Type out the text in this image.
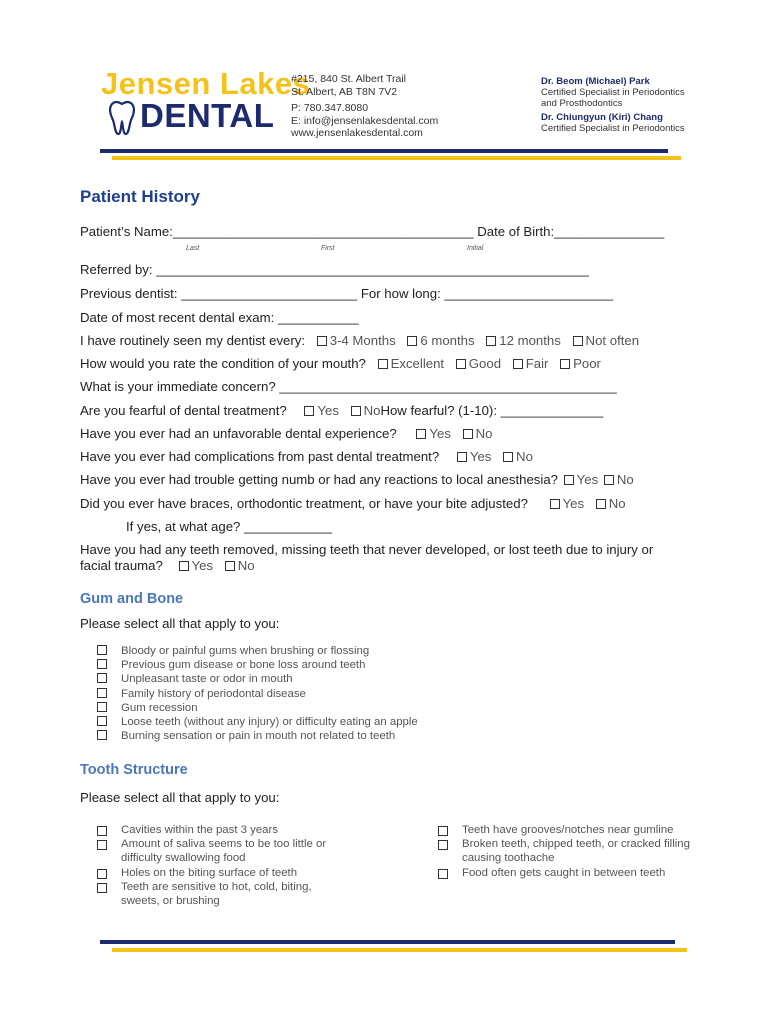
Jensen Lakes
DENTAL
#215, 840 St. Albert Trail
St. Albert, AB T8N 7V2
P: 780.347.8080
E: info@jensenlakesdental.com
www.jensenlakesdental.com
Dr. Beom (Michael) Park
Certified Specialist in Periodontics
and Prosthodontics
Dr. Chiungyun (Kiri) Chang
Certified Specialist in Periodontics
Patient History
Patient’s Name:_________________________________________ Date of Birth:_______________
Last	First	Initial
Referred by: ___________________________________________________________
Previous dentist: ________________________ For how long: _______________________
Date of most recent dental exam: ___________
I have routinely seen my dentist every: 3-4 Months 6 months 12 months Not often
How would you rate the condition of your mouth? Excellent Good Fair Poor
What is your immediate concern? ______________________________________________
Are you fearful of dental treatment? Yes NoHow fearful? (1-10): ______________
Have you ever had an unfavorable dental experience? Yes No
Have you ever had complications from past dental treatment? Yes No
Have you ever had trouble getting numb or had any reactions to local anesthesia? Yes No
Did you ever have braces, orthodontic treatment, or have your bite adjusted?	Yes No
If yes, at what age? ____________
Have you had any teeth removed, missing teeth that never developed, or lost teeth due to injury or
facial trauma? Yes No
Gum and Bone
Please select all that apply to you:
Bloody or painful gums when brushing or flossing
Previous gum disease or bone loss around teeth
Unpleasant taste or odor in mouth
Family history of periodontal disease
Gum recession
Loose teeth (without any injury) or difficulty eating an apple
Burning sensation or pain in mouth not related to teeth
Tooth Structure
Please select all that apply to you:
Cavities within the past 3 years
Amount of saliva seems to be too little or difficulty swallowing food
Holes on the biting surface of teeth
Teeth are sensitive to hot, cold, biting, sweets, or brushing
Teeth have grooves/notches near gumline
Broken teeth, chipped teeth, or cracked filling causing toothache
Food often gets caught in between teeth
